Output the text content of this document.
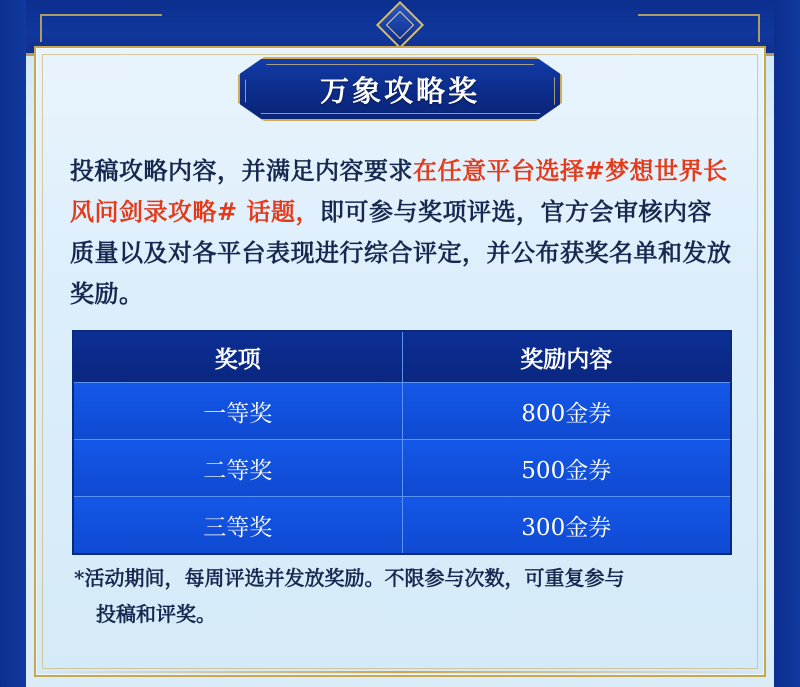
万象攻略奖
投稿攻略内容，并满足内容要求在任意平台选择#梦想世界长风问剑录攻略# 话题，即可参与奖项评选，官方会审核内容质量以及对各平台表现进行综合评定，并公布获奖名单和发放奖励。
奖项	奖励内容
一等奖	800金券
二等奖	500金券
三等奖	300金券
*活动期间，每周评选并发放奖励。不限参与次数，可重复参与
投稿和评奖。
